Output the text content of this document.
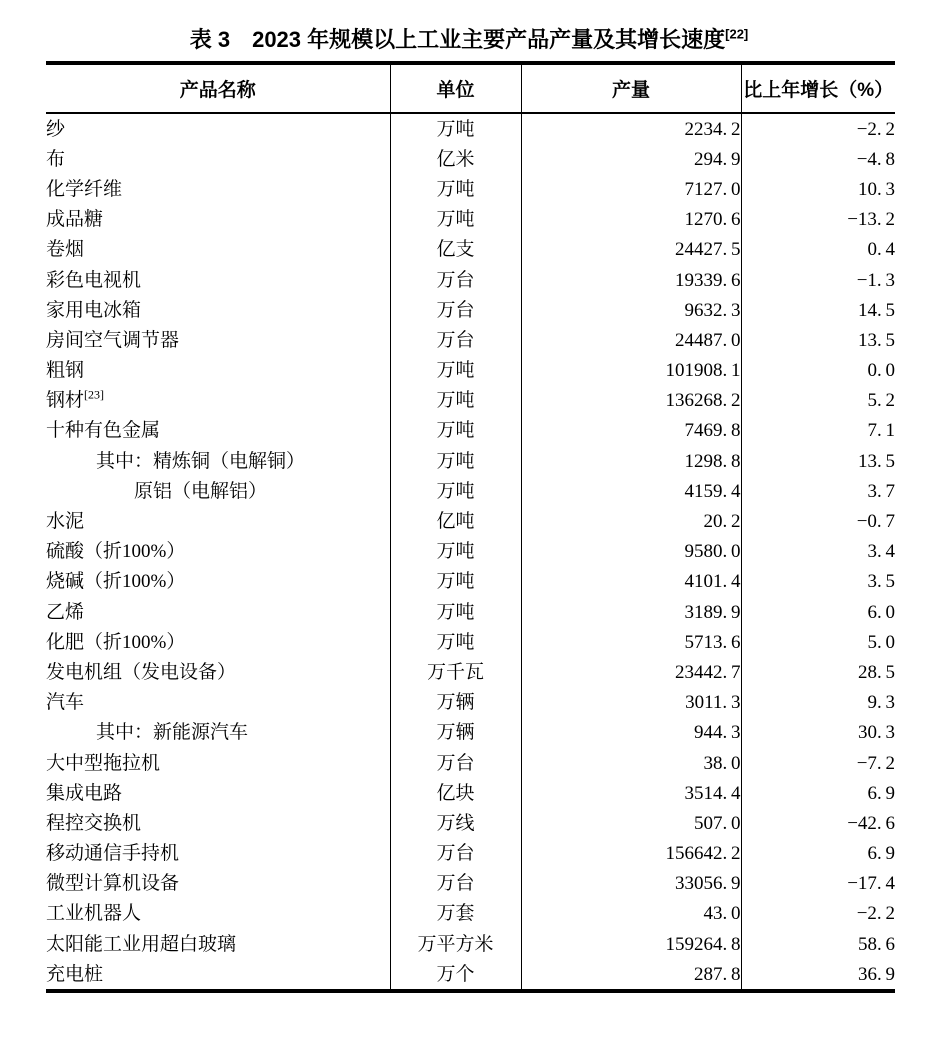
表 3 2023 年规模以上工业主要产品产量及其增长速度[22]
产品名称	单位	产量	比上年增长（%）
纱	万吨	2234. 2	−2. 2
布	亿米	294. 9	−4. 8
化学纤维	万吨	7127. 0	10. 3
成品糖	万吨	1270. 6	−13. 2
卷烟	亿支	24427. 5	0. 4
彩色电视机	万台	19339. 6	−1. 3
家用电冰箱	万台	9632. 3	14. 5
房间空气调节器	万台	24487. 0	13. 5
粗钢	万吨	101908. 1	0. 0
钢材[23]	万吨	136268. 2	5. 2
十种有色金属	万吨	7469. 8	7. 1
其中：精炼铜（电解铜）	万吨	1298. 8	13. 5
原铝（电解铝）	万吨	4159. 4	3. 7
水泥	亿吨	20. 2	−0. 7
硫酸（折100%）	万吨	9580. 0	3. 4
烧碱（折100%）	万吨	4101. 4	3. 5
乙烯	万吨	3189. 9	6. 0
化肥（折100%）	万吨	5713. 6	5. 0
发电机组（发电设备）	万千瓦	23442. 7	28. 5
汽车	万辆	3011. 3	9. 3
其中：新能源汽车	万辆	944. 3	30. 3
大中型拖拉机	万台	38. 0	−7. 2
集成电路	亿块	3514. 4	6. 9
程控交换机	万线	507. 0	−42. 6
移动通信手持机	万台	156642. 2	6. 9
微型计算机设备	万台	33056. 9	−17. 4
工业机器人	万套	43. 0	−2. 2
太阳能工业用超白玻璃	万平方米	159264. 8	58. 6
充电桩	万个	287. 8	36. 9
